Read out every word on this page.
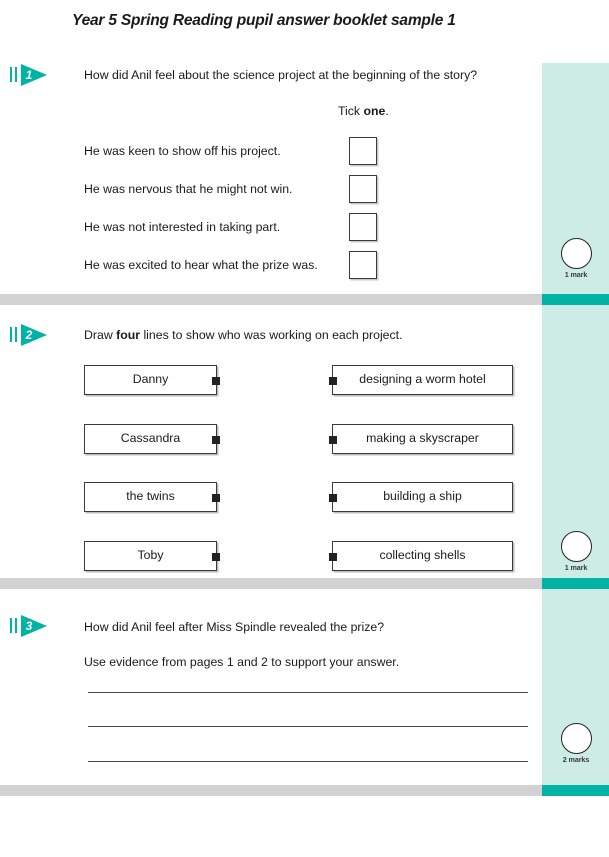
Year 5 Spring Reading pupil answer booklet sample 1
1	How did Anil feel about the science project at the beginning of the story?
Tick one.
He was keen to show off his project.
He was nervous that he might not win.
He was not interested in taking part.
He was excited to hear what the prize was.
1 mark
2	Draw four lines to show who was working on each project.
Danny	designing a worm hotel
Cassandra	making a skyscraper
the twins	building a ship
Toby	collecting shells
1 mark
3	How did Anil feel after Miss Spindle revealed the prize?
Use evidence from pages 1 and 2 to support your answer.
2 marks
